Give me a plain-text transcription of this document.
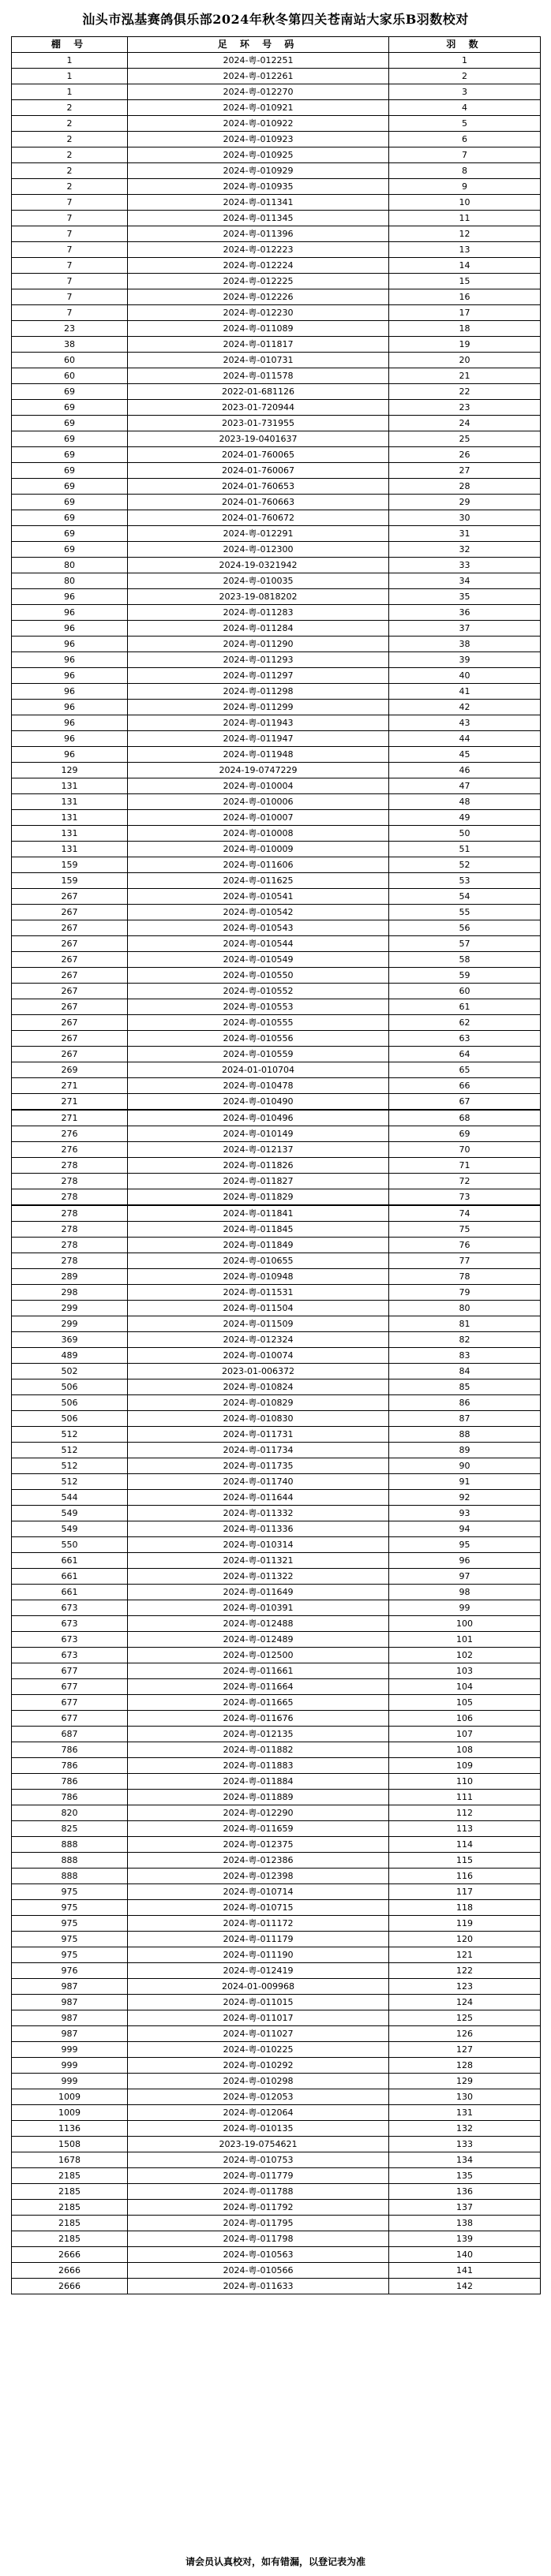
汕头市泓基赛鸽俱乐部2024年秋冬第四关苍南站大家乐B羽数校对
棚 号	足 环 号 码	羽 数
1	2024-粤-012251	1
1	2024-粤-012261	2
1	2024-粤-012270	3
2	2024-粤-010921	4
2	2024-粤-010922	5
2	2024-粤-010923	6
2	2024-粤-010925	7
2	2024-粤-010929	8
2	2024-粤-010935	9
7	2024-粤-011341	10
7	2024-粤-011345	11
7	2024-粤-011396	12
7	2024-粤-012223	13
7	2024-粤-012224	14
7	2024-粤-012225	15
7	2024-粤-012226	16
7	2024-粤-012230	17
23	2024-粤-011089	18
38	2024-粤-011817	19
60	2024-粤-010731	20
60	2024-粤-011578	21
69	2022-01-681126	22
69	2023-01-720944	23
69	2023-01-731955	24
69	2023-19-0401637	25
69	2024-01-760065	26
69	2024-01-760067	27
69	2024-01-760653	28
69	2024-01-760663	29
69	2024-01-760672	30
69	2024-粤-012291	31
69	2024-粤-012300	32
80	2024-19-0321942	33
80	2024-粤-010035	34
96	2023-19-0818202	35
96	2024-粤-011283	36
96	2024-粤-011284	37
96	2024-粤-011290	38
96	2024-粤-011293	39
96	2024-粤-011297	40
96	2024-粤-011298	41
96	2024-粤-011299	42
96	2024-粤-011943	43
96	2024-粤-011947	44
96	2024-粤-011948	45
129	2024-19-0747229	46
131	2024-粤-010004	47
131	2024-粤-010006	48
131	2024-粤-010007	49
131	2024-粤-010008	50
131	2024-粤-010009	51
159	2024-粤-011606	52
159	2024-粤-011625	53
267	2024-粤-010541	54
267	2024-粤-010542	55
267	2024-粤-010543	56
267	2024-粤-010544	57
267	2024-粤-010549	58
267	2024-粤-010550	59
267	2024-粤-010552	60
267	2024-粤-010553	61
267	2024-粤-010555	62
267	2024-粤-010556	63
267	2024-粤-010559	64
269	2024-01-010704	65
271	2024-粤-010478	66
271	2024-粤-010490	67
271	2024-粤-010496	68
276	2024-粤-010149	69
276	2024-粤-012137	70
278	2024-粤-011826	71
278	2024-粤-011827	72
278	2024-粤-011829	73
278	2024-粤-011841	74
278	2024-粤-011845	75
278	2024-粤-011849	76
278	2024-粤-010655	77
289	2024-粤-010948	78
298	2024-粤-011531	79
299	2024-粤-011504	80
299	2024-粤-011509	81
369	2024-粤-012324	82
489	2024-粤-010074	83
502	2023-01-006372	84
506	2024-粤-010824	85
506	2024-粤-010829	86
506	2024-粤-010830	87
512	2024-粤-011731	88
512	2024-粤-011734	89
512	2024-粤-011735	90
512	2024-粤-011740	91
544	2024-粤-011644	92
549	2024-粤-011332	93
549	2024-粤-011336	94
550	2024-粤-010314	95
661	2024-粤-011321	96
661	2024-粤-011322	97
661	2024-粤-011649	98
673	2024-粤-010391	99
673	2024-粤-012488	100
673	2024-粤-012489	101
673	2024-粤-012500	102
677	2024-粤-011661	103
677	2024-粤-011664	104
677	2024-粤-011665	105
677	2024-粤-011676	106
687	2024-粤-012135	107
786	2024-粤-011882	108
786	2024-粤-011883	109
786	2024-粤-011884	110
786	2024-粤-011889	111
820	2024-粤-012290	112
825	2024-粤-011659	113
888	2024-粤-012375	114
888	2024-粤-012386	115
888	2024-粤-012398	116
975	2024-粤-010714	117
975	2024-粤-010715	118
975	2024-粤-011172	119
975	2024-粤-011179	120
975	2024-粤-011190	121
976	2024-粤-012419	122
987	2024-01-009968	123
987	2024-粤-011015	124
987	2024-粤-011017	125
987	2024-粤-011027	126
999	2024-粤-010225	127
999	2024-粤-010292	128
999	2024-粤-010298	129
1009	2024-粤-012053	130
1009	2024-粤-012064	131
1136	2024-粤-010135	132
1508	2023-19-0754621	133
1678	2024-粤-010753	134
2185	2024-粤-011779	135
2185	2024-粤-011788	136
2185	2024-粤-011792	137
2185	2024-粤-011795	138
2185	2024-粤-011798	139
2666	2024-粤-010563	140
2666	2024-粤-010566	141
2666	2024-粤-011633	142
请会员认真校对，如有错漏，以登记表为准
